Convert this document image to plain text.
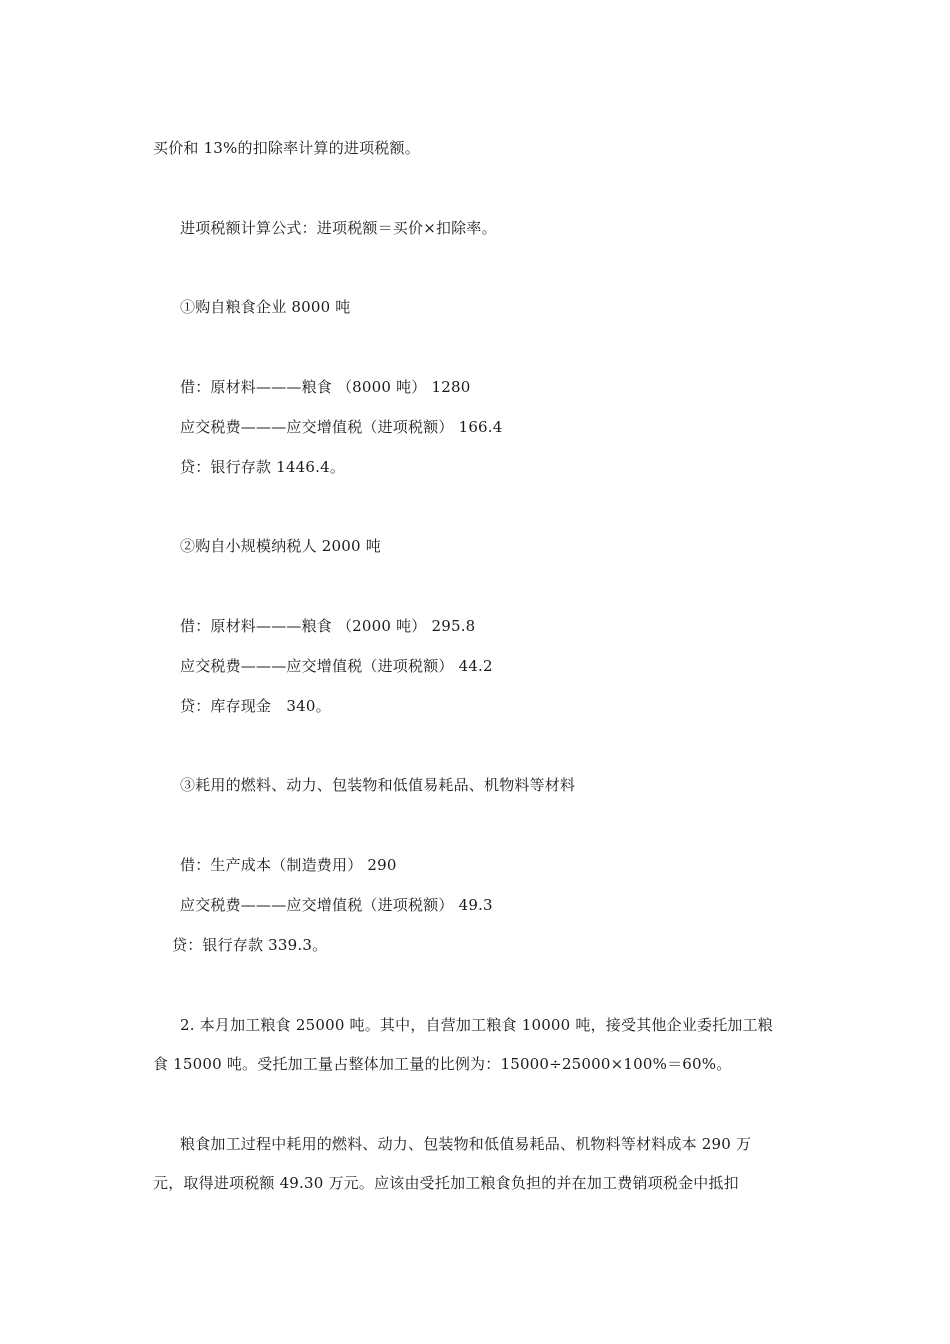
买价和 13%的扣除率计算的进项税额。
进项税额计算公式：进项税额＝买价×扣除率。
①购自粮食企业 8000 吨
借：原材料———粮食 （8000 吨） 1280
应交税费———应交增值税（进项税额） 166.4
贷：银行存款 1446.4。
②购自小规模纳税人 2000 吨
借：原材料———粮食 （2000 吨） 295.8
应交税费———应交增值税（进项税额） 44.2
贷：库存现金　340。
③耗用的燃料、动力、包装物和低值易耗品、机物料等材料
借：生产成本（制造费用） 290
应交税费———应交增值税（进项税额） 49.3
贷：银行存款 339.3。
2. 本月加工粮食 25000 吨。其中，自营加工粮食 10000 吨，接受其他企业委托加工粮
食 15000 吨。受托加工量占整体加工量的比例为：15000÷25000×100%＝60%。
粮食加工过程中耗用的燃料、动力、包装物和低值易耗品、机物料等材料成本 290 万
元，取得进项税额 49.30 万元。应该由受托加工粮食负担的并在加工费销项税金中抵扣
